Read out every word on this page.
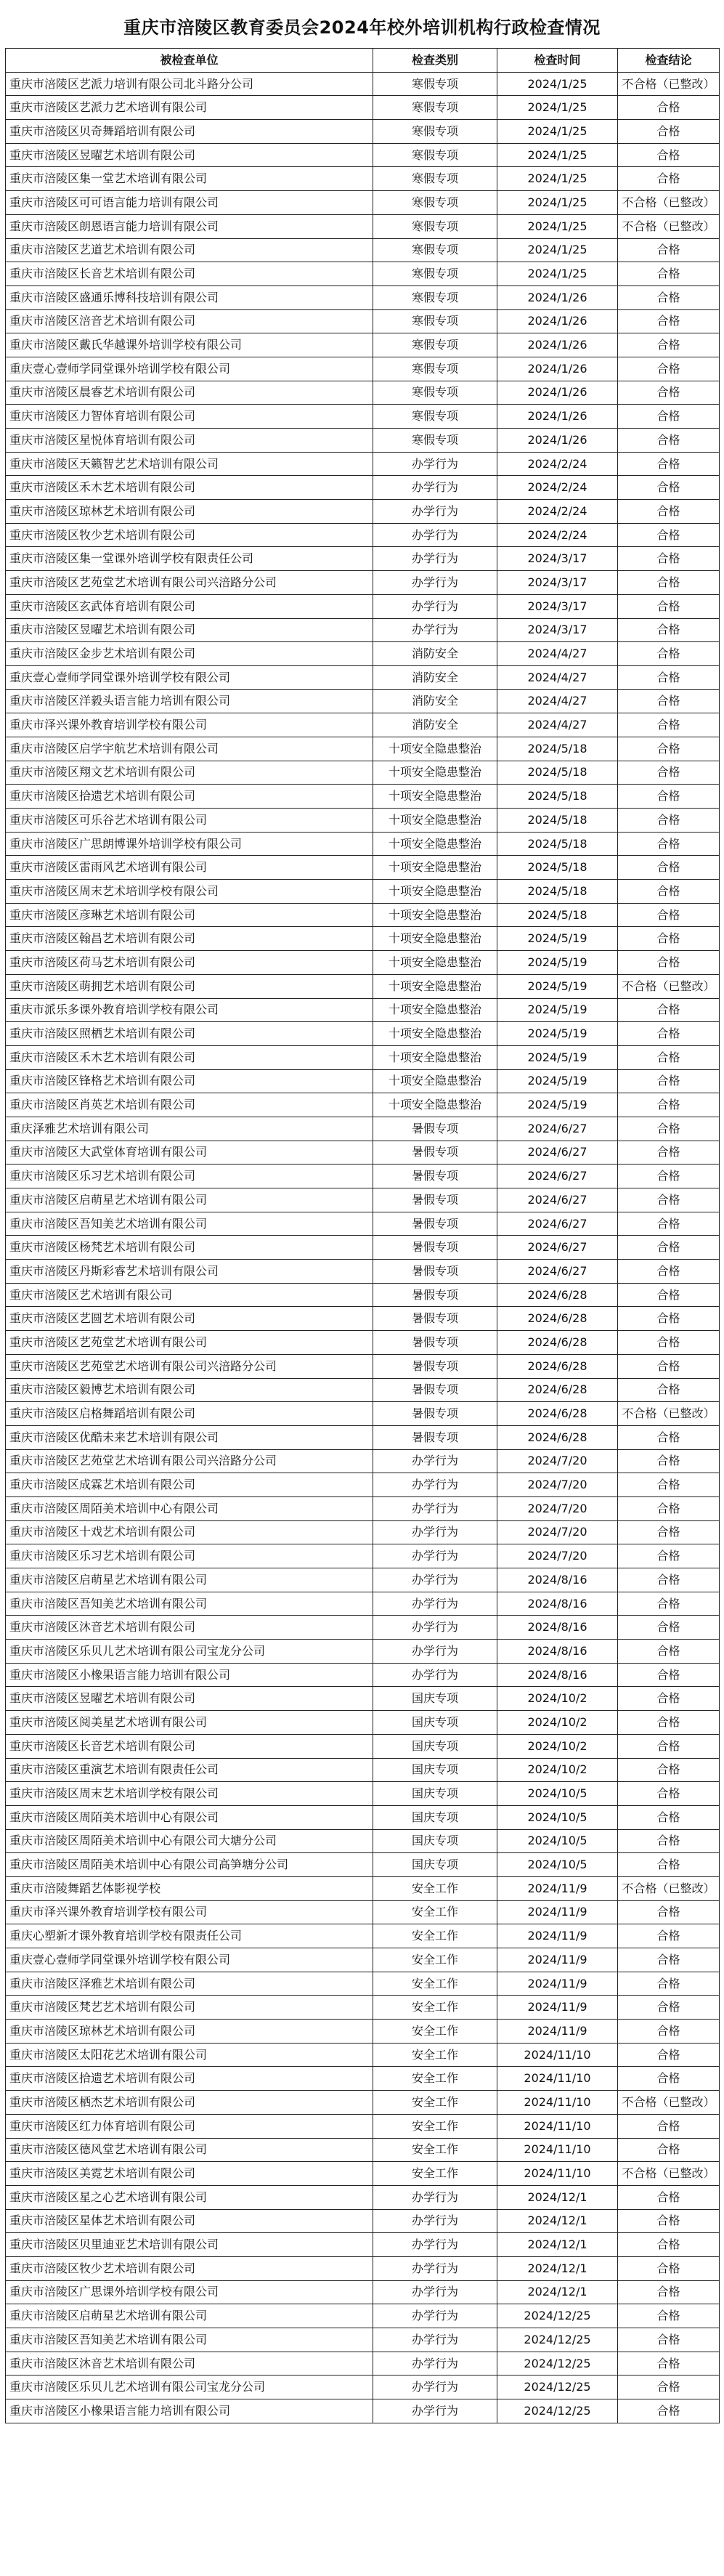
重庆市涪陵区教育委员会2024年校外培训机构行政检查情况
被检查单位	检查类别	检查时间	检查结论
重庆市涪陵区艺派力培训有限公司北斗路分公司	寒假专项	2024/1/25	不合格（已整改）
重庆市涪陵区艺派力艺术培训有限公司	寒假专项	2024/1/25	合格
重庆市涪陵区贝奇舞蹈培训有限公司	寒假专项	2024/1/25	合格
重庆市涪陵区昱曜艺术培训有限公司	寒假专项	2024/1/25	合格
重庆市涪陵区集一堂艺术培训有限公司	寒假专项	2024/1/25	合格
重庆市涪陵区可可语言能力培训有限公司	寒假专项	2024/1/25	不合格（已整改）
重庆市涪陵区朗恩语言能力培训有限公司	寒假专项	2024/1/25	不合格（已整改）
重庆市涪陵区艺道艺术培训有限公司	寒假专项	2024/1/25	合格
重庆市涪陵区长音艺术培训有限公司	寒假专项	2024/1/25	合格
重庆市涪陵区盛通乐博科技培训有限公司	寒假专项	2024/1/26	合格
重庆市涪陵区涪音艺术培训有限公司	寒假专项	2024/1/26	合格
重庆市涪陵区戴氏华越课外培训学校有限公司	寒假专项	2024/1/26	合格
重庆壹心壹师学同堂课外培训学校有限公司	寒假专项	2024/1/26	合格
重庆市涪陵区晨睿艺术培训有限公司	寒假专项	2024/1/26	合格
重庆市涪陵区力智体育培训有限公司	寒假专项	2024/1/26	合格
重庆市涪陵区星悦体育培训有限公司	寒假专项	2024/1/26	合格
重庆市涪陵区天籁智艺艺术培训有限公司	办学行为	2024/2/24	合格
重庆市涪陵区禾木艺术培训有限公司	办学行为	2024/2/24	合格
重庆市涪陵区琼林艺术培训有限公司	办学行为	2024/2/24	合格
重庆市涪陵区牧少艺术培训有限公司	办学行为	2024/2/24	合格
重庆市涪陵区集一堂课外培训学校有限责任公司	办学行为	2024/3/17	合格
重庆市涪陵区艺苑堂艺术培训有限公司兴涪路分公司	办学行为	2024/3/17	合格
重庆市涪陵区玄武体育培训有限公司	办学行为	2024/3/17	合格
重庆市涪陵区昱曜艺术培训有限公司	办学行为	2024/3/17	合格
重庆市涪陵区金步艺术培训有限公司	消防安全	2024/4/27	合格
重庆壹心壹师学同堂课外培训学校有限公司	消防安全	2024/4/27	合格
重庆市涪陵区洋毅头语言能力培训有限公司	消防安全	2024/4/27	合格
重庆市泽兴课外教育培训学校有限公司	消防安全	2024/4/27	合格
重庆市涪陵区启学宇航艺术培训有限公司	十项安全隐患整治	2024/5/18	合格
重庆市涪陵区翔文艺术培训有限公司	十项安全隐患整治	2024/5/18	合格
重庆市涪陵区拾遗艺术培训有限公司	十项安全隐患整治	2024/5/18	合格
重庆市涪陵区可乐谷艺术培训有限公司	十项安全隐患整治	2024/5/18	合格
重庆市涪陵区广思朗博课外培训学校有限公司	十项安全隐患整治	2024/5/18	合格
重庆市涪陵区雷雨风艺术培训有限公司	十项安全隐患整治	2024/5/18	合格
重庆市涪陵区周末艺术培训学校有限公司	十项安全隐患整治	2024/5/18	合格
重庆市涪陵区彦琳艺术培训有限公司	十项安全隐患整治	2024/5/18	合格
重庆市涪陵区翰昌艺术培训有限公司	十项安全隐患整治	2024/5/19	合格
重庆市涪陵区荷马艺术培训有限公司	十项安全隐患整治	2024/5/19	合格
重庆市涪陵区萌拥艺术培训有限公司	十项安全隐患整治	2024/5/19	不合格（已整改）
重庆市派乐多课外教育培训学校有限公司	十项安全隐患整治	2024/5/19	合格
重庆市涪陵区照栖艺术培训有限公司	十项安全隐患整治	2024/5/19	合格
重庆市涪陵区禾木艺术培训有限公司	十项安全隐患整治	2024/5/19	合格
重庆市涪陵区锋格艺术培训有限公司	十项安全隐患整治	2024/5/19	合格
重庆市涪陵区肖英艺术培训有限公司	十项安全隐患整治	2024/5/19	合格
重庆泽雅艺术培训有限公司	暑假专项	2024/6/27	合格
重庆市涪陵区大武堂体育培训有限公司	暑假专项	2024/6/27	合格
重庆市涪陵区乐习艺术培训有限公司	暑假专项	2024/6/27	合格
重庆市涪陵区启萌星艺术培训有限公司	暑假专项	2024/6/27	合格
重庆市涪陵区吾知美艺术培训有限公司	暑假专项	2024/6/27	合格
重庆市涪陵区杨梵艺术培训有限公司	暑假专项	2024/6/27	合格
重庆市涪陵区丹斯彩睿艺术培训有限公司	暑假专项	2024/6/27	合格
重庆市涪陵区艺术培训有限公司	暑假专项	2024/6/28	合格
重庆市涪陵区艺圆艺术培训有限公司	暑假专项	2024/6/28	合格
重庆市涪陵区艺苑堂艺术培训有限公司	暑假专项	2024/6/28	合格
重庆市涪陵区艺苑堂艺术培训有限公司兴涪路分公司	暑假专项	2024/6/28	合格
重庆市涪陵区毅博艺术培训有限公司	暑假专项	2024/6/28	合格
重庆市涪陵区启格舞蹈培训有限公司	暑假专项	2024/6/28	不合格（已整改）
重庆市涪陵区优酷未来艺术培训有限公司	暑假专项	2024/6/28	合格
重庆市涪陵区艺苑堂艺术培训有限公司兴涪路分公司	办学行为	2024/7/20	合格
重庆市涪陵区成霖艺术培训有限公司	办学行为	2024/7/20	合格
重庆市涪陵区周陌美术培训中心有限公司	办学行为	2024/7/20	合格
重庆市涪陵区十戏艺术培训有限公司	办学行为	2024/7/20	合格
重庆市涪陵区乐习艺术培训有限公司	办学行为	2024/7/20	合格
重庆市涪陵区启萌星艺术培训有限公司	办学行为	2024/8/16	合格
重庆市涪陵区吾知美艺术培训有限公司	办学行为	2024/8/16	合格
重庆市涪陵区沐音艺术培训有限公司	办学行为	2024/8/16	合格
重庆市涪陵区乐贝儿艺术培训有限公司宝龙分公司	办学行为	2024/8/16	合格
重庆市涪陵区小橡果语言能力培训有限公司	办学行为	2024/8/16	合格
重庆市涪陵区昱曜艺术培训有限公司	国庆专项	2024/10/2	合格
重庆市涪陵区阅美星艺术培训有限公司	国庆专项	2024/10/2	合格
重庆市涪陵区长音艺术培训有限公司	国庆专项	2024/10/2	合格
重庆市涪陵区重演艺术培训有限责任公司	国庆专项	2024/10/2	合格
重庆市涪陵区周末艺术培训学校有限公司	国庆专项	2024/10/5	合格
重庆市涪陵区周陌美术培训中心有限公司	国庆专项	2024/10/5	合格
重庆市涪陵区周陌美术培训中心有限公司大塘分公司	国庆专项	2024/10/5	合格
重庆市涪陵区周陌美术培训中心有限公司高笋塘分公司	国庆专项	2024/10/5	合格
重庆市涪陵舞蹈艺体影视学校	安全工作	2024/11/9	不合格（已整改）
重庆市泽兴课外教育培训学校有限公司	安全工作	2024/11/9	合格
重庆心塑新才课外教育培训学校有限责任公司	安全工作	2024/11/9	合格
重庆壹心壹师学同堂课外培训学校有限公司	安全工作	2024/11/9	合格
重庆市涪陵区泽雅艺术培训有限公司	安全工作	2024/11/9	合格
重庆市涪陵区梵艺艺术培训有限公司	安全工作	2024/11/9	合格
重庆市涪陵区琼林艺术培训有限公司	安全工作	2024/11/9	合格
重庆市涪陵区太阳花艺术培训有限公司	安全工作	2024/11/10	合格
重庆市涪陵区拾遗艺术培训有限公司	安全工作	2024/11/10	合格
重庆市涪陵区栖杰艺术培训有限公司	安全工作	2024/11/10	不合格（已整改）
重庆市涪陵区红力体育培训有限公司	安全工作	2024/11/10	合格
重庆市涪陵区德风堂艺术培训有限公司	安全工作	2024/11/10	合格
重庆市涪陵区美霓艺术培训有限公司	安全工作	2024/11/10	不合格（已整改）
重庆市涪陵区星之心艺术培训有限公司	办学行为	2024/12/1	合格
重庆市涪陵区星体艺术培训有限公司	办学行为	2024/12/1	合格
重庆市涪陵区贝里迪亚艺术培训有限公司	办学行为	2024/12/1	合格
重庆市涪陵区牧少艺术培训有限公司	办学行为	2024/12/1	合格
重庆市涪陵区广思课外培训学校有限公司	办学行为	2024/12/1	合格
重庆市涪陵区启萌星艺术培训有限公司	办学行为	2024/12/25	合格
重庆市涪陵区吾知美艺术培训有限公司	办学行为	2024/12/25	合格
重庆市涪陵区沐音艺术培训有限公司	办学行为	2024/12/25	合格
重庆市涪陵区乐贝儿艺术培训有限公司宝龙分公司	办学行为	2024/12/25	合格
重庆市涪陵区小橡果语言能力培训有限公司	办学行为	2024/12/25	合格
